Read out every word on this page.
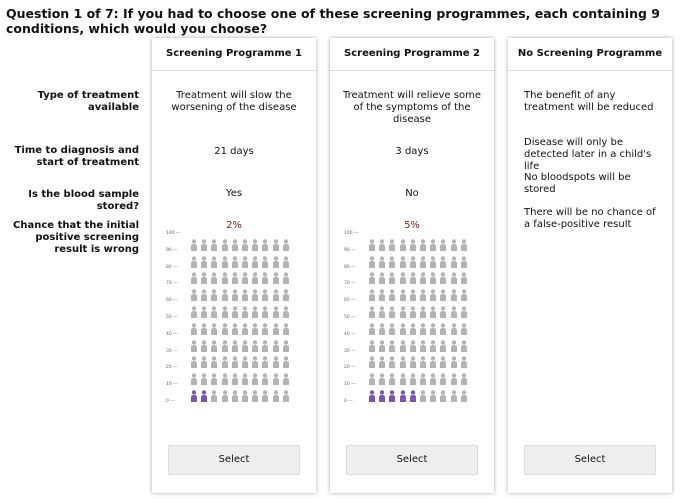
Question 1 of 7: If you had to choose one of these screening programmes, each containing 9 conditions, which would you choose?
Type of treatment available
Time to diagnosis and start of treatment
Is the blood sample stored?
Chance that the initial positive screening result is wrong
Screening Programme 1
Treatment will slow the worsening of the disease
21 days
Yes
2%
0 —
10 —
20 —
30 —
40 —
50 —
60 —
70 —
80 —
90 —
100 —
Select
Screening Programme 2
Treatment will relieve some of the symptoms of the disease
3 days
No
5%
0 —
10 —
20 —
30 —
40 —
50 —
60 —
70 —
80 —
90 —
100 —
Select
No Screening Programme
The benefit of any treatment will be reduced
Disease will only be detected later in a child's life
No bloodspots will be stored
There will be no chance of a false-positive result
Select
